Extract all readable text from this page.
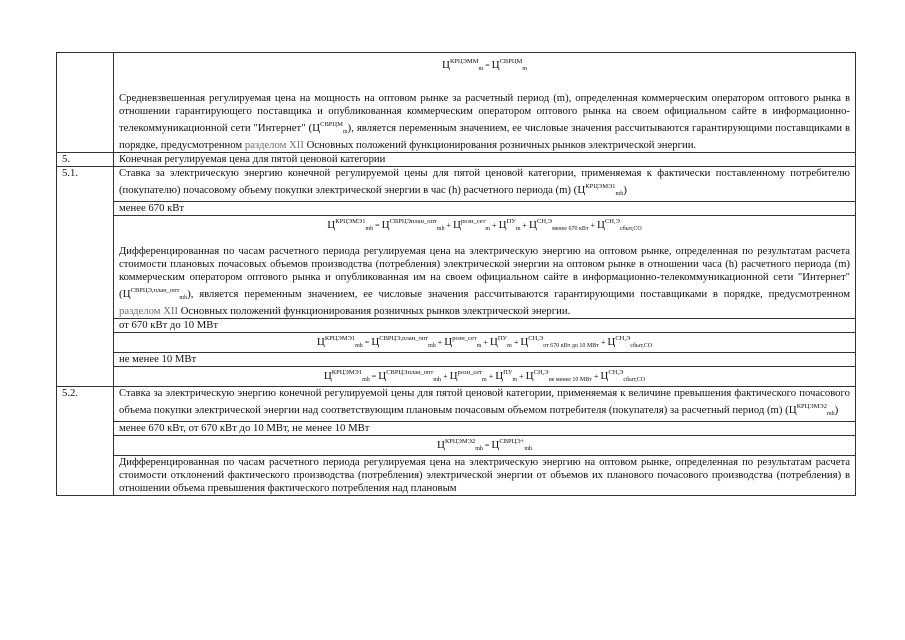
	$Ц^{КРЦЭММ}_m = Ц^{СВРЦМ}_m$
Средневзвешенная регулируемая цена на мощность на оптовом рынке за расчетный период (m), определенная коммерческим оператором оптового рынка в отношении гарантирующего поставщика и опубликованная коммерческим оператором оптового рынка на своем официальном сайте в информационно-телекоммуникационной сети "Интернет" $(Ц^{СВРЦМ}_m)$, является переменным значением, ее числовые значения рассчитываются гарантирующими поставщиками в порядке, предусмотренном разделом XII Основных положений функционирования розничных рынков электрической энергии.

5.	Конечная регулируемая цена для пятой ценовой категории
5.1.	Ставка за электрическую энергию конечной регулируемой цены для пятой ценовой категории, применяемая к фактически поставленному потребителю (покупателю) почасовому объему покупки электрической энергии в час (h) расчетного периода (m) $(Ц^{КРЦЭМЭ1}_{mh})$
	менее 670 кВт

	$Ц^{КРЦЭМЭ1}_{mh} = Ц^{СВРЦЭплан\_опт}_{mh} + Ц^{розн\_сет}_m + Ц^{ПУ}_m + Ц^{СН,Э}_{менее 670 кВт} + Ц^{СН,Э}_{сбыт,СО}$
Дифференцированная по часам расчетного периода регулируемая цена на электрическую энергию на оптовом рынке, определенная по результатам расчета стоимости плановых почасовых объемов производства (потребления) электрической энергии на оптовом рынке в отношении часа (h) расчетного периода (m) коммерческим оператором оптового рынка и опубликованная им на своем официальном сайте в информационно-телекоммуникационной сети "Интернет" $(Ц^{СВРЦЭ,план\_опт}_{mh})$, является переменным значением, ее числовые значения рассчитываются гарантирующими поставщиками в порядке, предусмотренном разделом XII Основных положений функционирования розничных рынков электрической энергии.

	от 670 кВт до 10 МВт

	$Ц^{КРЦЭМЭ1}_{mh} = Ц^{СВРЦЭ,план\_опт}_{mh} + Ц^{розн\_сет}_m + Ц^{ПУ}_m + Ц^{СН,Э}_{от 670 кВт до 10 МВт} + Ц^{СН,Э}_{сбыт,СО}$

	не менее 10 МВт

	$Ц^{КРЦЭМЭ1}_{mh} = Ц^{СВРЦЭплан\_опт}_{mh} + Ц^{розн\_сет}_m + Ц^{ПУ}_m + Ц^{СН,Э}_{не менее 10 МВт} + Ц^{СН,Э}_{сбыт,СО}$

5.2.	Ставка за электрическую энергию конечной регулируемой цены для пятой ценовой категории, применяемая к величине превышения фактического почасового объема покупки электрической энергии над соответствующим плановым почасовым объемом потребителя (покупателя) за расчетный период (m) $(Ц^{КРЦЭМЭ2}_{mh})$
	менее 670 кВт, от 670 кВт до 10 МВт, не менее 10 МВт

	$Ц^{КРЦЭМЭ2}_{mh} = Ц^{СВРЦЭ+}_{mh}$

	Дифференцированная по часам расчетного периода регулируемая цена на электрическую энергию на оптовом рынке, определенная по результатам расчета стоимости отклонений фактического производства (потребления) электрической энергии от объемов их планового почасового производства (потребления) в отношении объема превышения фактического потребления над плановым
